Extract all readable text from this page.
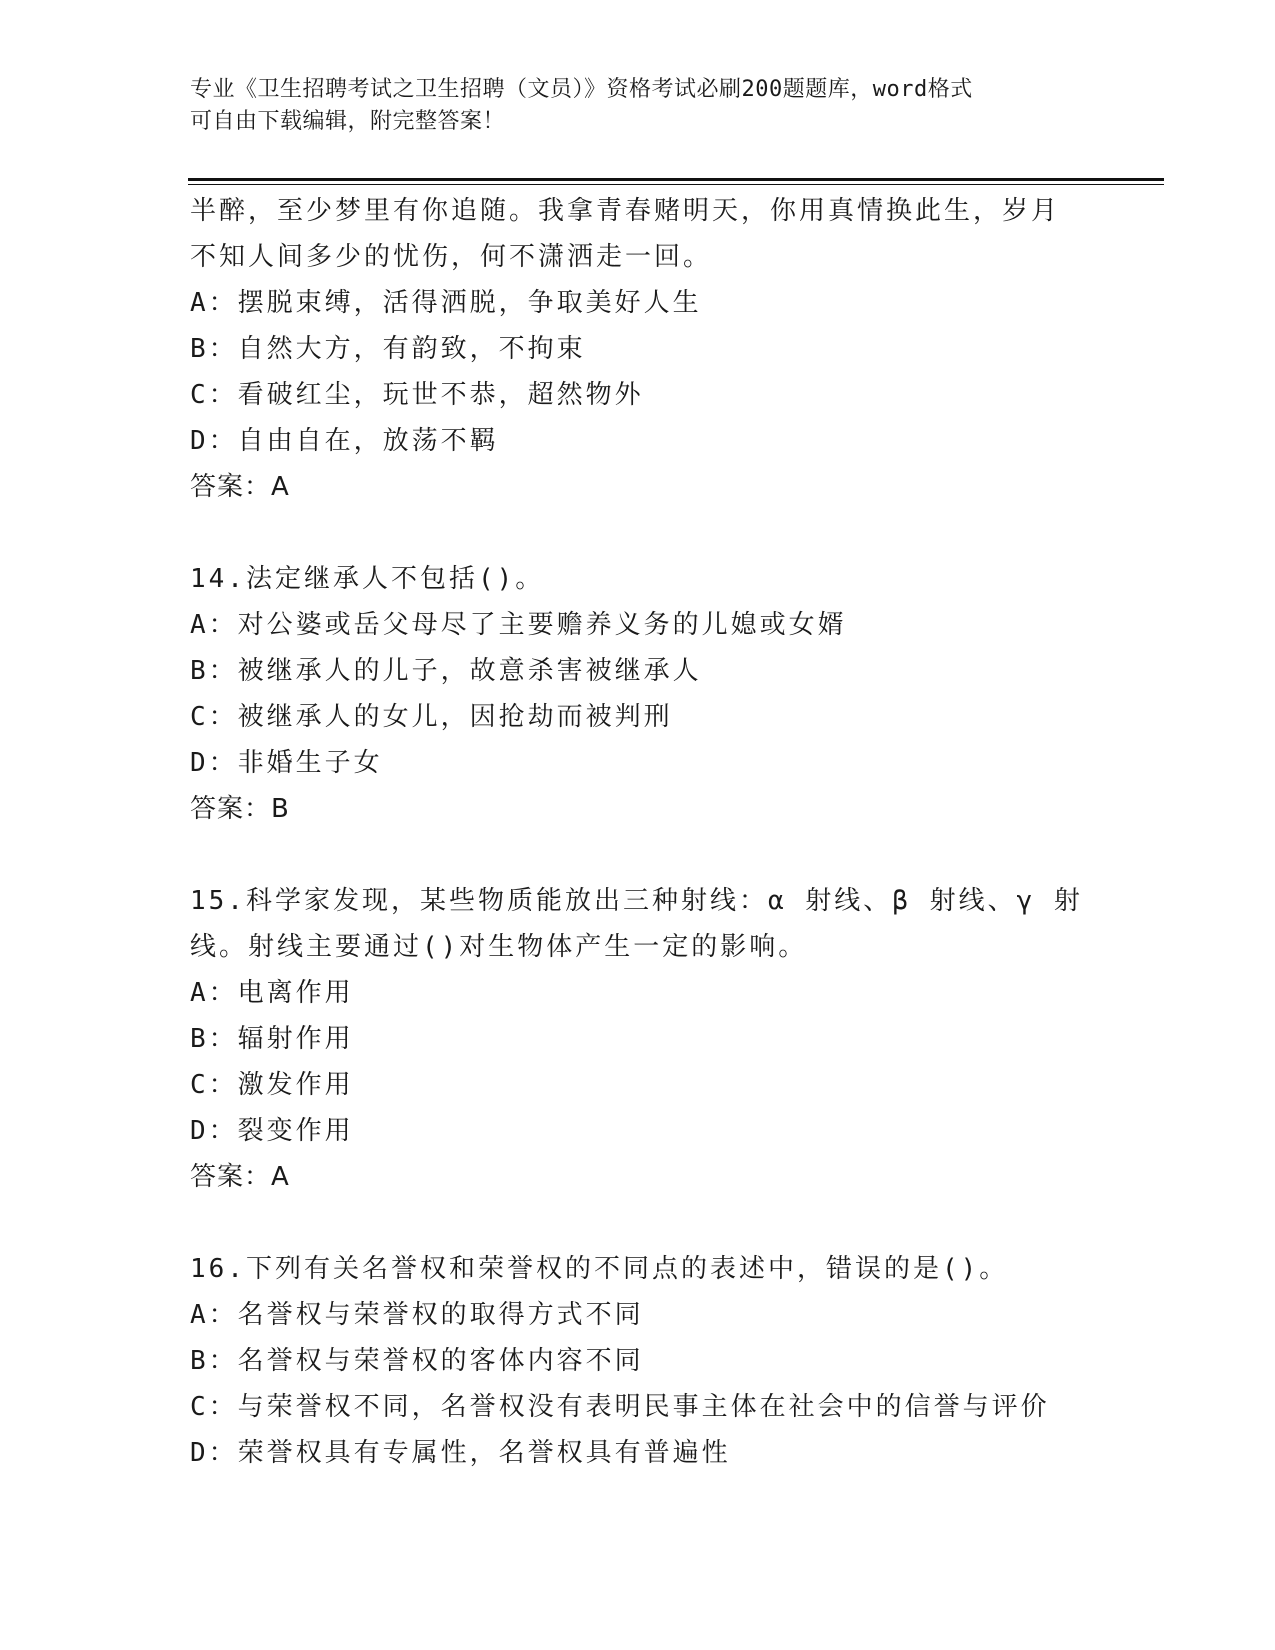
专业《卫生招聘考试之卫生招聘（文员）》资格考试必刷200题题库，word格式
可自由下载编辑，附完整答案！
半醉，至少梦里有你追随。我拿青春赌明天，你用真情换此生，岁月
不知人间多少的忧伤，何不潇洒走一回。
A：摆脱束缚，活得洒脱，争取美好人生
B：自然大方，有韵致，不拘束
C：看破红尘，玩世不恭，超然物外
D：自由自在，放荡不羁
答案：A
14.法定继承人不包括()。
A：对公婆或岳父母尽了主要赡养义务的儿媳或女婿
B：被继承人的儿子，故意杀害被继承人
C：被继承人的女儿，因抢劫而被判刑
D：非婚生子女
答案：B
15.科学家发现，某些物质能放出三种射线：α 射线、β 射线、γ 射
线。射线主要通过()对生物体产生一定的影响。
A：电离作用
B：辐射作用
C：激发作用
D：裂变作用
答案：A
16.下列有关名誉权和荣誉权的不同点的表述中，错误的是()。
A：名誉权与荣誉权的取得方式不同
B：名誉权与荣誉权的客体内容不同
C：与荣誉权不同，名誉权没有表明民事主体在社会中的信誉与评价
D：荣誉权具有专属性，名誉权具有普遍性
